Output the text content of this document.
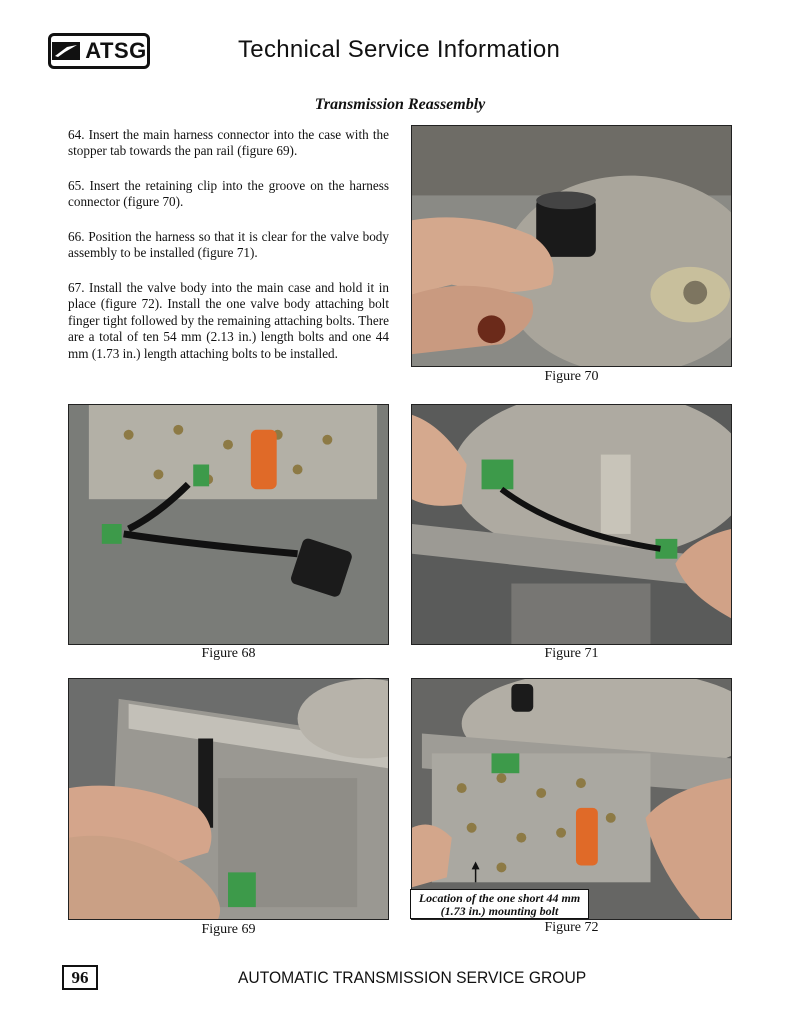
ATSG	Technical Service Information
Transmission Reassembly
64. Insert the main harness connector into the case with the stopper tab towards the pan rail (figure 69).
65. Insert the retaining clip into the groove on the harness connector (figure 70).
66. Position the harness so that it is clear for the valve body assembly to be installed (figure 71).
67. Install the valve body into the main case and hold it in place (figure 72). Install the one valve body attaching bolt finger tight followed by the remaining attaching bolts. There are a total of ten 54 mm (2.13 in.) length bolts and one 44 mm (1.73 in.) length attaching bolts to be installed.
Figure 70
Figure 68	Figure 71
Figure 69
Location of the one short 44 mm
(1.73 in.) mounting bolt
Figure 72
96	AUTOMATIC TRANSMISSION SERVICE GROUP
